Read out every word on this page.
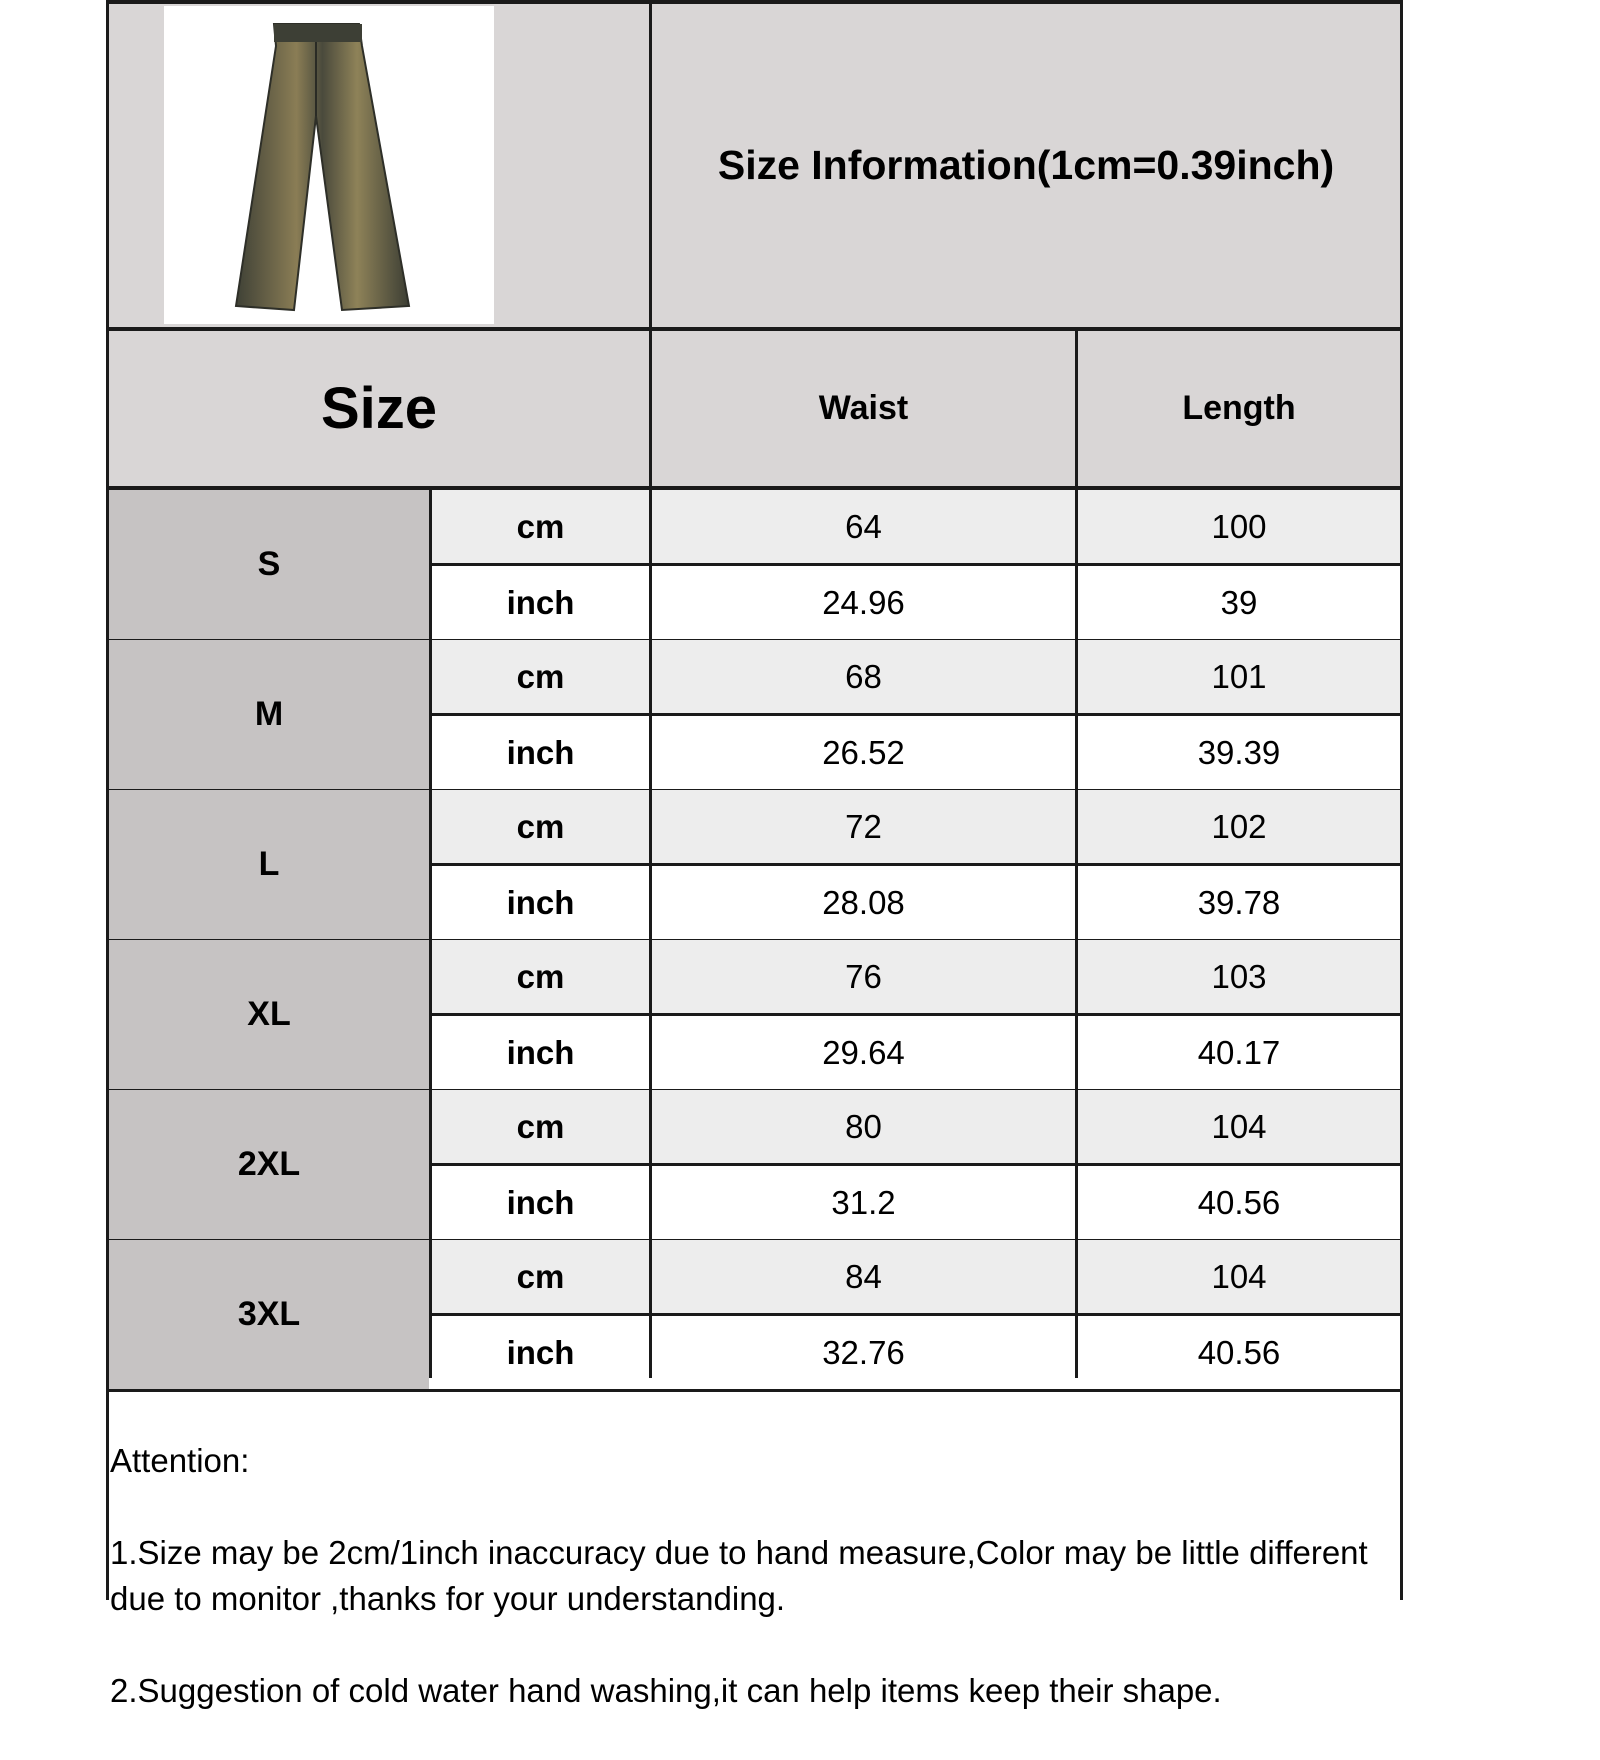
Size Information(1cm=0.39inch)
Size	Waist	Length
S
cm	64	100
inch	24.96	39
M
cm	68	101
inch	26.52	39.39
L
cm	72	102
inch	28.08	39.78
XL
cm	76	103
inch	29.64	40.17
2XL
cm	80	104
inch	31.2	40.56
3XL
cm	84	104
inch	32.76	40.56

Attention:

1.Size may be 2cm/1inch inaccuracy due to hand measure,Color may be little different due to monitor ,thanks for your understanding.

2.Suggestion of cold water hand washing,it can help items keep their shape.
